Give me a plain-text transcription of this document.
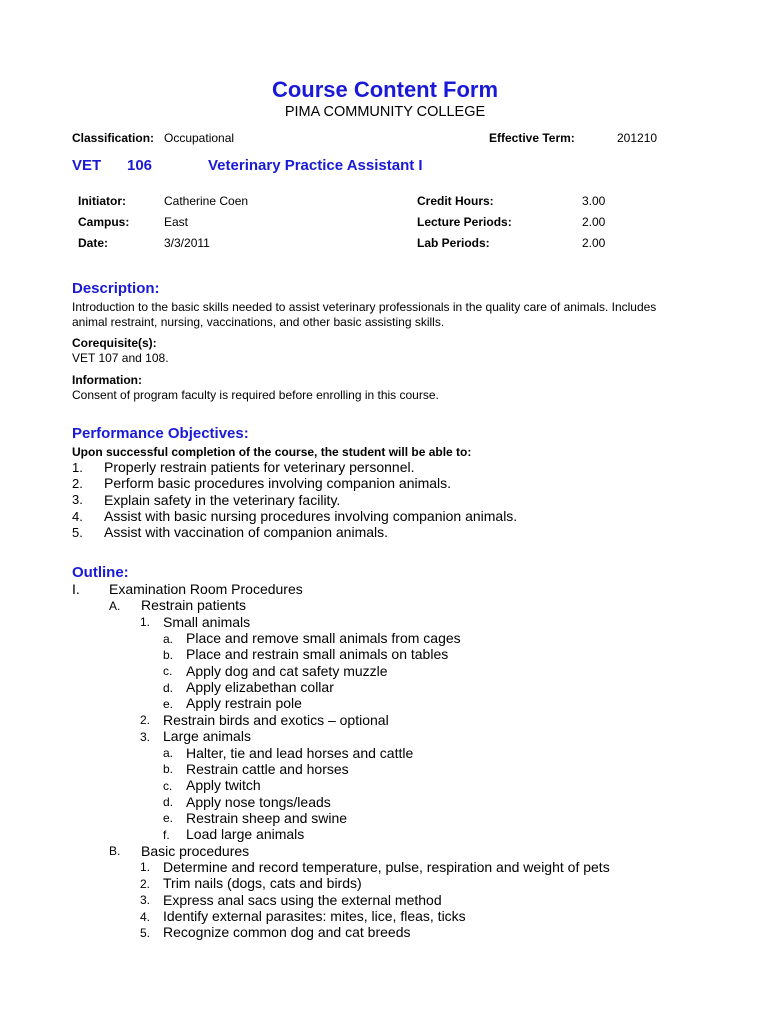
Course Content Form
PIMA COMMUNITY COLLEGE
Classification: Occupational	Effective Term:	201210
VET 106	Veterinary Practice Assistant I
Initiator:	Catherine Coen	Credit Hours:	3.00
Campus:	East	Lecture Periods:	2.00
Date:	3/3/2011	Lab Periods:	2.00
Description:
Introduction to the basic skills needed to assist veterinary professionals in the quality care of animals. Includes
animal restraint, nursing, vaccinations, and other basic assisting skills.
Corequisite(s):
VET 107 and 108.
Information:
Consent of program faculty is required before enrolling in this course.
Performance Objectives:
Upon successful completion of the course, the student will be able to:
1. Properly restrain patients for veterinary personnel.
2. Perform basic procedures involving companion animals.
3. Explain safety in the veterinary facility.
4. Assist with basic nursing procedures involving companion animals.
5. Assist with vaccination of companion animals.
Outline:
I. Examination Room Procedures
A. Restrain patients
1. Small animals
a. Place and remove small animals from cages
b. Place and restrain small animals on tables
c. Apply dog and cat safety muzzle
d. Apply elizabethan collar
e. Apply restrain pole
2. Restrain birds and exotics – optional
3. Large animals
a. Halter, tie and lead horses and cattle
b. Restrain cattle and horses
c. Apply twitch
d. Apply nose tongs/leads
e. Restrain sheep and swine
f. Load large animals
B. Basic procedures
1. Determine and record temperature, pulse, respiration and weight of pets
2. Trim nails (dogs, cats and birds)
3. Express anal sacs using the external method
4. Identify external parasites: mites, lice, fleas, ticks
5. Recognize common dog and cat breeds
